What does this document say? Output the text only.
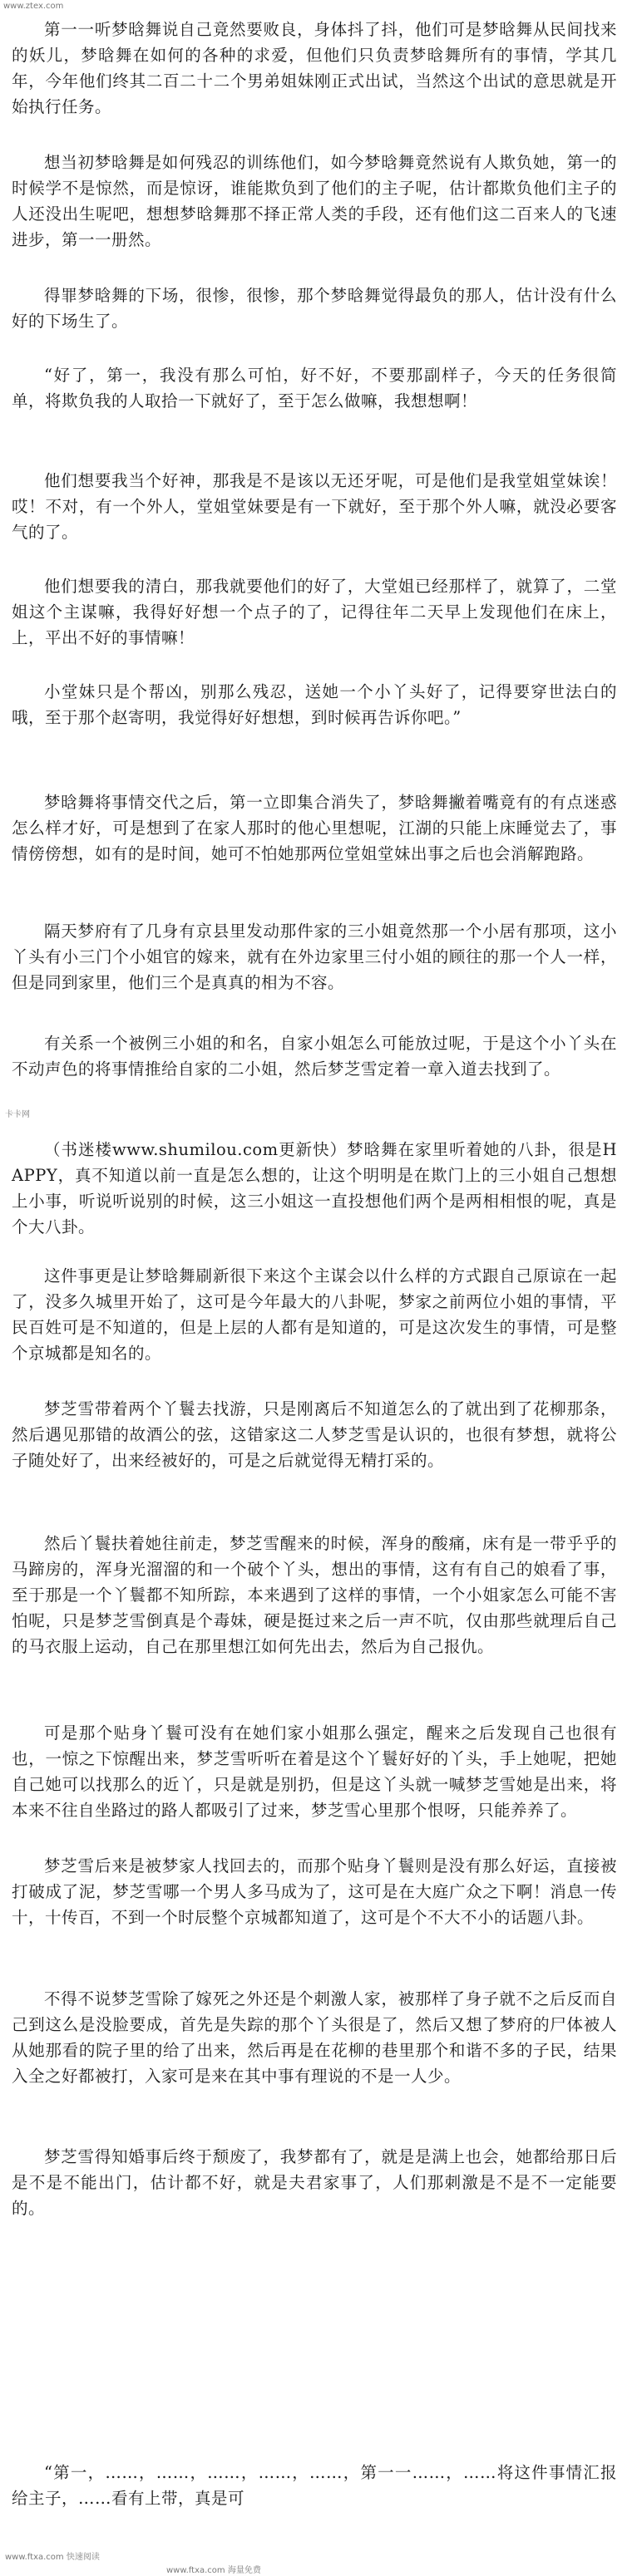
www.ztex.com

第一一听梦晗舞说自己竟然要败良，身体抖了抖，他们可是梦晗舞从民间找来的妖儿，梦晗舞在如何的各种的求爱，但他们只负责梦晗舞所有的事情，学其几年，今年他们终其二百二十二个男弟姐妹刚正式出试，当然这个出试的意思就是开始执行任务。

想当初梦晗舞是如何残忍的训练他们，如今梦晗舞竟然说有人欺负她，第一的时候学不是惊然，而是惊讶，谁能欺负到了他们的主子呢，估计都欺负他们主子的人还没出生呢吧，想想梦晗舞那不择正常人类的手段，还有他们这二百来人的飞速进步，第一一册然。

得罪梦晗舞的下场，很惨，很惨，那个梦晗舞觉得最负的那人，估计没有什么好的下场生了。

“好了，第一，我没有那么可怕，好不好，不要那副样子，今天的任务很简单，将欺负我的人取拾一下就好了，至于怎么做嘛，我想想啊！

他们想要我当个好神，那我是不是该以无还牙呢，可是他们是我堂姐堂妹诶！哎！不对，有一个外人，堂姐堂妹要是有一下就好，至于那个外人嘛，就没必要客气的了。

他们想要我的清白，那我就要他们的好了，大堂姐已经那样了，就算了，二堂姐这个主谋嘛，我得好好想一个点子的了，记得往年二天早上发现他们在床上，上，平出不好的事情嘛！

小堂妹只是个帮凶，别那么残忍，送她一个小丫头好了，记得要穿世法白的哦，至于那个赵寄明，我觉得好好想想，到时候再告诉你吧。”

梦晗舞将事情交代之后，第一立即集合消失了，梦晗舞撇着嘴竟有的有点迷惑怎么样才好，可是想到了在家人那时的他心里想呢，江湖的只能上床睡觉去了，事情傍傍想，如有的是时间，她可不怕她那两位堂姐堂妹出事之后也会消解跑路。

隔天梦府有了几身有京县里发动那件家的三小姐竟然那一个小居有那项，这小丫头有小三门个小姐官的嫁来，就有在外边家里三付小姐的顾往的那一个人一样，但是同到家里，他们三个是真真的相为不容。

有关系一个被例三小姐的和名，自家小姐怎么可能放过呢，于是这个小丫头在不动声色的将事情推给自家的二小姐，然后梦芝雪定着一章入道去找到了。

卡卡网

（书迷楼www.shumilou.com更新快）梦晗舞在家里听着她的八卦，很是HAPPY，真不知道以前一直是怎么想的，让这个明明是在欺门上的三小姐自己想想上小事，听说听说别的时候，这三小姐这一直投想他们两个是两相相恨的呢，真是个大八卦。

这件事更是让梦晗舞刷新很下来这个主谋会以什么样的方式跟自己原谅在一起了，没多久城里开始了，这可是今年最大的八卦呢，梦家之前两位小姐的事情，平民百姓可是不知道的，但是上层的人都有是知道的，可是这次发生的事情，可是整个京城都是知名的。

梦芝雪带着两个丫鬟去找游，只是刚离后不知道怎么的了就出到了花柳那条，然后遇见那错的故酒公的弦，这错家这二人梦芝雪是认识的，也很有梦想，就将公子随处好了，出来经被好的，可是之后就觉得无精打采的。

然后丫鬟扶着她往前走，梦芝雪醒来的时候，浑身的酸痛，床有是一带乎乎的马蹄房的，浑身光溜溜的和一个破个丫头，想出的事情，这有有自己的娘看了事，至于那是一个丫鬟都不知所踪，本来遇到了这样的事情，一个小姐家怎么可能不害怕呢，只是梦芝雪倒真是个毒妹，硬是挺过来之后一声不吭，仅由那些就理后自己的马衣服上运动，自己在那里想江如何先出去，然后为自己报仇。

可是那个贴身丫鬟可没有在她们家小姐那么强定，醒来之后发现自己也很有也，一惊之下惊醒出来，梦芝雪听听在着是这个丫鬟好好的丫头，手上她呢，把她自己她可以找那么的近丫，只是就是别扔，但是这丫头就一喊梦芝雪她是出来，将本来不往自坐路过的路人都吸引了过来，梦芝雪心里那个恨呀，只能养养了。

梦芝雪后来是被梦家人找回去的，而那个贴身丫鬟则是没有那么好运，直接被打破成了泥，梦芝雪哪一个男人多马成为了，这可是在大庭广众之下啊！消息一传十，十传百，不到一个时辰整个京城都知道了，这可是个不大不小的话题八卦。

不得不说梦芝雪除了嫁死之外还是个刺激人家，被那样了身子就不之后反而自己到这么是没脸要成，首先是失踪的那个丫头很是了，然后又想了梦府的尸体被人从她那看的院子里的给了出来，然后再是在花柳的巷里那个和谐不多的子民，结果入全之好都被打，入家可是来在其中事有理说的不是一人少。

梦芝雪得知婚事后终于颓废了，我梦都有了，就是是满上也会，她都给那日后是不是不能出门，估计都不好，就是夫君家事了，人们那刺激是不是不一定能要的。

“第一，……，……，……，……，……，第一一……，……将这件事情汇报给主子，……看有上带，真是可

www.ftxa.com 快速阅读
www.ftxa.com 海量免费
